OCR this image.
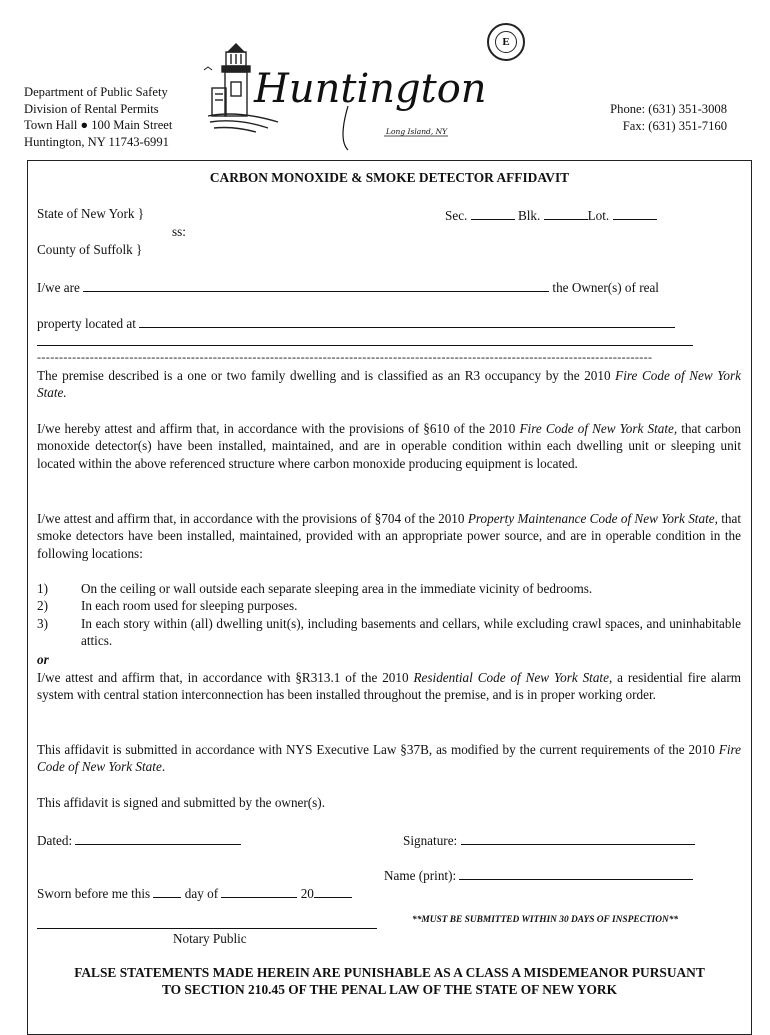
Department of Public Safety
Division of Rental Permits
Town Hall ● 100 Main Street
Huntington, NY 11743-6991
E
Huntington
Long Island, NY
Phone: (631) 351-3008
Fax: (631) 351-7160
CARBON MONOXIDE & SMOKE DETECTOR AFFIDAVIT
State of New York }
ss:
County of Suffolk }
Sec.	Blk.	Lot.
I/we are	the Owner(s) of real
property located at
--------------------------------------------------------------------------------------------------------------------------------------------
The premise described is a one or two family dwelling and is classified as an R3 occupancy by the 2010 Fire Code of New York State.
I/we hereby attest and affirm that, in accordance with the provisions of §610 of the 2010 Fire Code of New York State, that carbon monoxide detector(s) have been installed, maintained, and are in operable condition within each dwelling unit or sleeping unit located within the above referenced structure where carbon monoxide producing equipment is located.
I/we attest and affirm that, in accordance with the provisions of §704 of the 2010 Property Maintenance Code of New York State, that smoke detectors have been installed, maintained, provided with an appropriate power source, and are in operable condition in the following locations:
1)	On the ceiling or wall outside each separate sleeping area in the immediate vicinity of bedrooms.
2)	In each room used for sleeping purposes.
3)	In each story within (all) dwelling unit(s), including basements and cellars, while excluding crawl spaces, and uninhabitable attics.
or
I/we attest and affirm that, in accordance with §R313.1 of the 2010 Residential Code of New York State, a residential fire alarm system with central station interconnection has been installed throughout the premise, and is in proper working order.
This affidavit is submitted in accordance with NYS Executive Law §37B, as modified by the current requirements of the 2010 Fire Code of New York State.
This affidavit is signed and submitted by the owner(s).
Dated:	Signature:
Name (print):
Sworn before me this	day of	20
Notary Public
**MUST BE SUBMITTED WITHIN 30 DAYS OF INSPECTION**
FALSE STATEMENTS MADE HEREIN ARE PUNISHABLE AS A CLASS A MISDEMEANOR PURSUANT
TO SECTION 210.45 OF THE PENAL LAW OF THE STATE OF NEW YORK
